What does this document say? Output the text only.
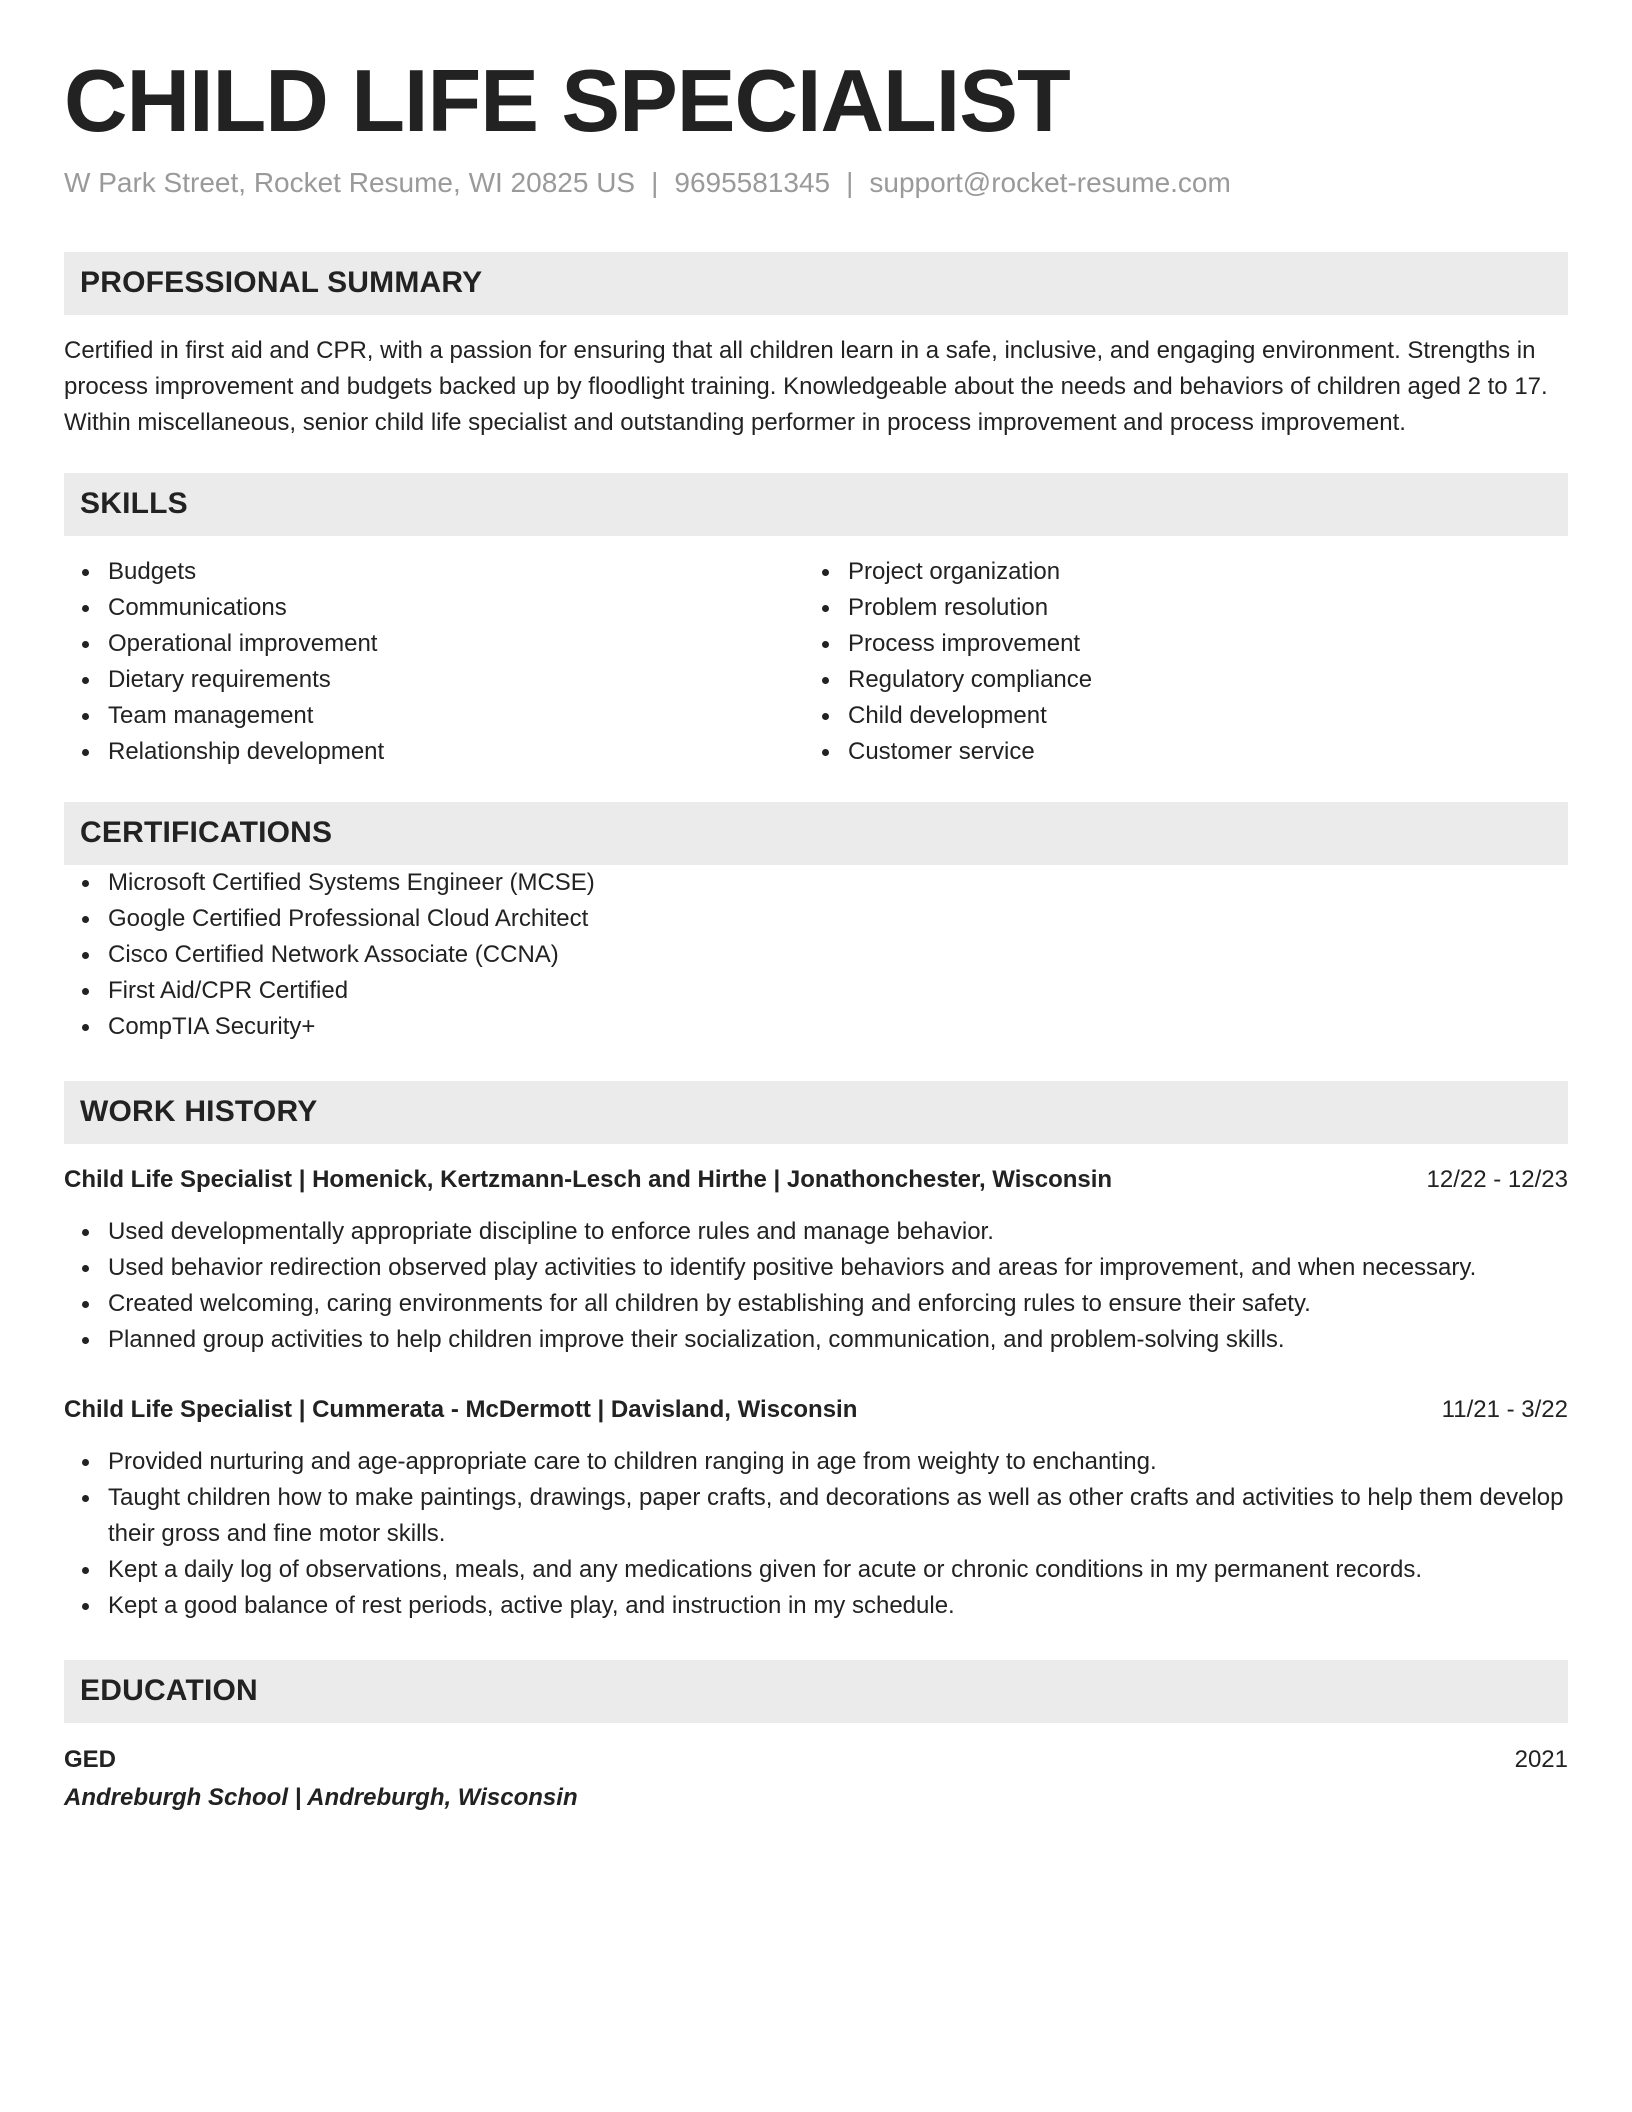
CHILD LIFE SPECIALIST
W Park Street, Rocket Resume, WI 20825 US | 9695581345 | support@rocket-resume.com
PROFESSIONAL SUMMARY

Certified in first aid and CPR, with a passion for ensuring that all children learn in a safe, inclusive, and engaging environment. Strengths in process improvement and budgets backed up by floodlight training. Knowledgeable about the needs and behaviors of children aged 2 to 17. Within miscellaneous, senior child life specialist and outstanding performer in process improvement and process improvement.

SKILLS
Budgets
Communications
Operational improvement
Dietary requirements
Team management
Relationship development
Project organization
Problem resolution
Process improvement
Regulatory compliance
Child development
Customer service
CERTIFICATIONS
Microsoft Certified Systems Engineer (MCSE)
Google Certified Professional Cloud Architect
Cisco Certified Network Associate (CCNA)
First Aid/CPR Certified
CompTIA Security+
WORK HISTORY
Child Life Specialist | Homenick, Kertzmann-Lesch and Hirthe | Jonathonchester, Wisconsin	12/22 - 12/23
Used developmentally appropriate discipline to enforce rules and manage behavior.
Used behavior redirection observed play activities to identify positive behaviors and areas for improvement, and when necessary.
Created welcoming, caring environments for all children by establishing and enforcing rules to ensure their safety.
Planned group activities to help children improve their socialization, communication, and problem-solving skills.
Child Life Specialist | Cummerata - McDermott | Davisland, Wisconsin	11/21 - 3/22
Provided nurturing and age-appropriate care to children ranging in age from weighty to enchanting.
Taught children how to make paintings, drawings, paper crafts, and decorations as well as other crafts and activities to help them develop their gross and fine motor skills.
Kept a daily log of observations, meals, and any medications given for acute or chronic conditions in my permanent records.
Kept a good balance of rest periods, active play, and instruction in my schedule.
EDUCATION
GED	2021
Andreburgh School | Andreburgh, Wisconsin
